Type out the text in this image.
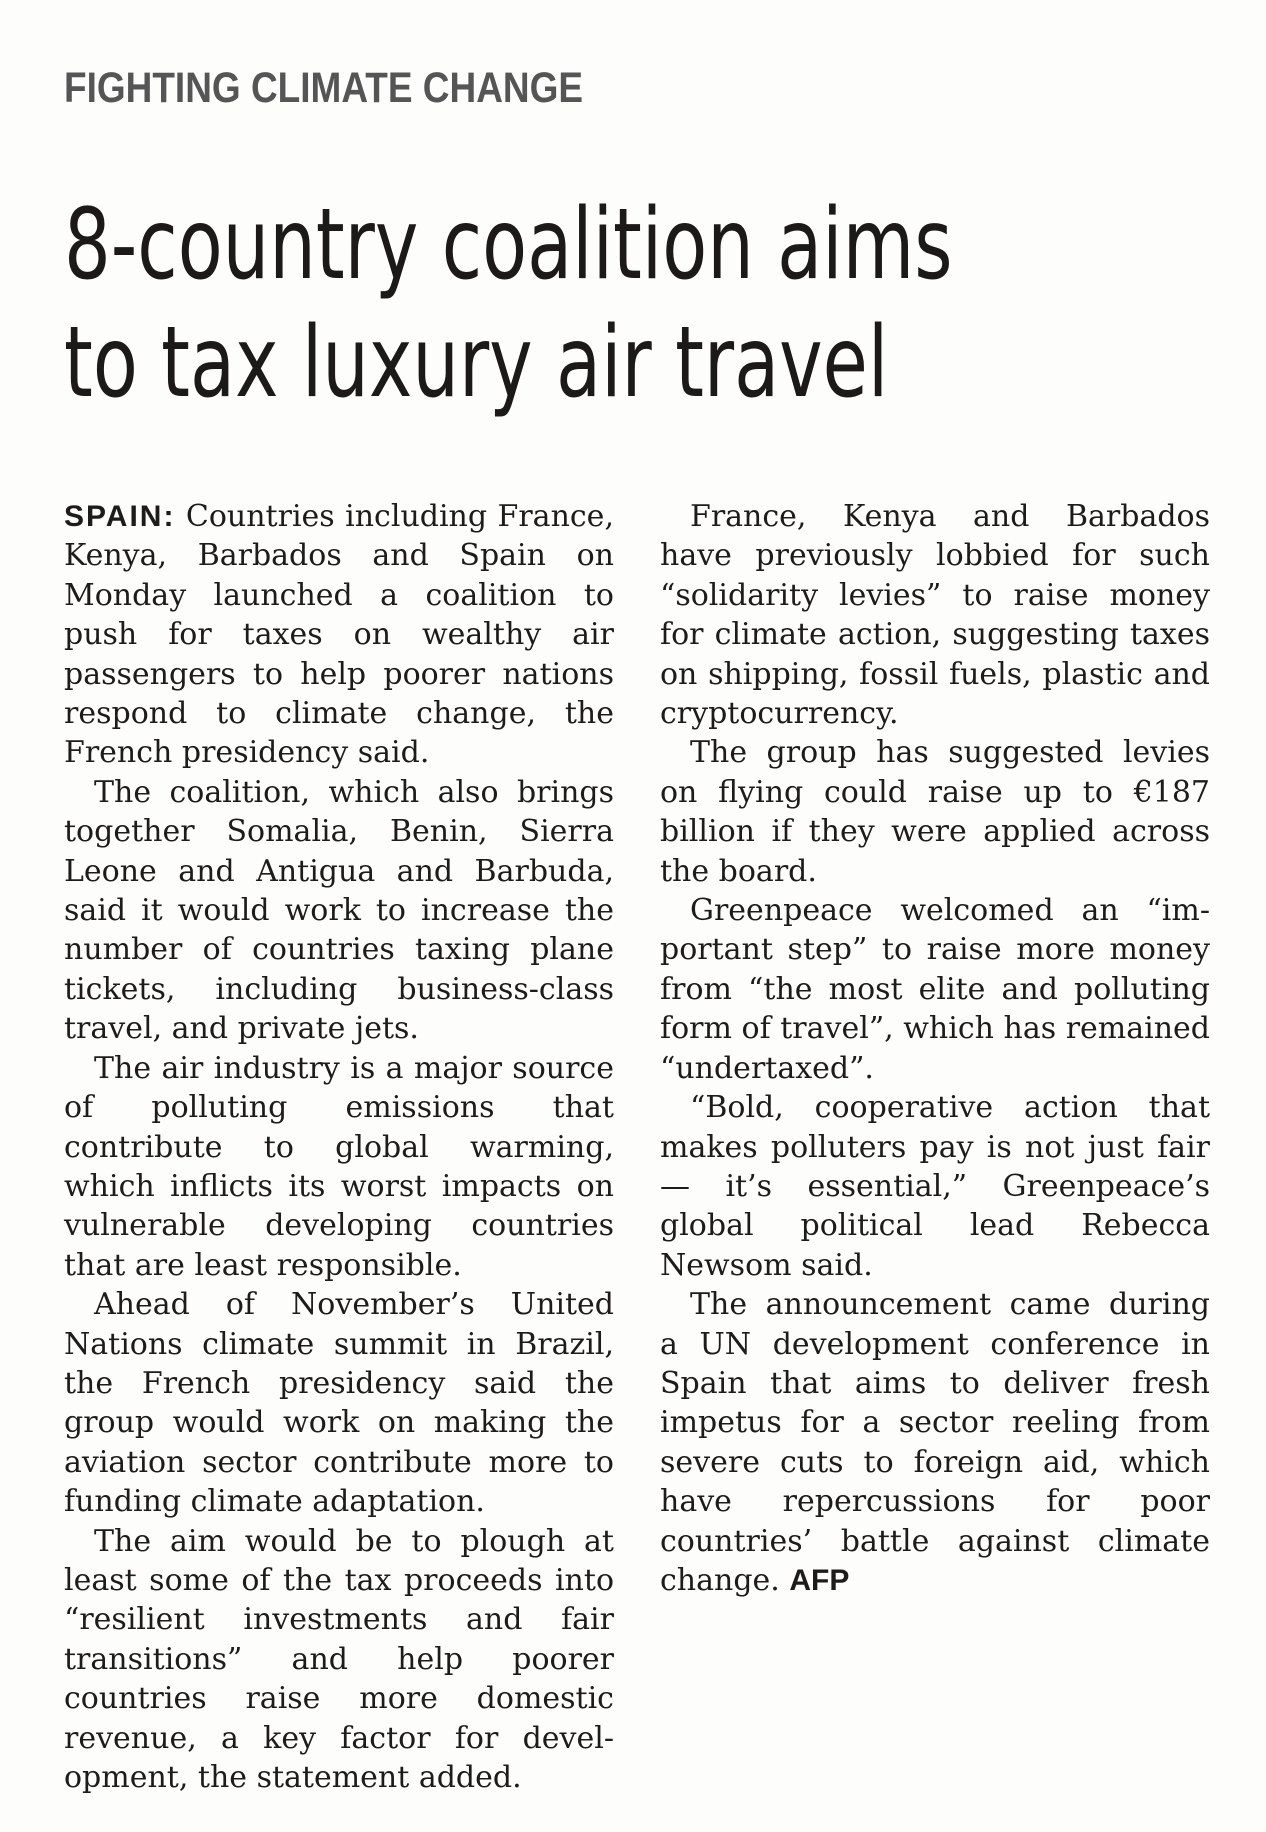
FIGHTING CLIMATE CHANGE
8-country coalition aims
to tax luxury air travel

SPAIN: Countries including France, Kenya, Barbados and Spain on Monday launched a coalition to push for taxes on wealthy air passengers to help poorer nations respond to climate change, the French presidency said.

The coalition, which also brings together Somalia, Benin, Sierra Leone and Antigua and Barbuda, said it would work to increase the number of countries taxing plane tickets, including business-class travel, and private jets.

The air industry is a major source of polluting emissions that contribute to global warming, which inflicts its worst impacts on vulnerable developing countries that are least responsible.

Ahead of November’s United Nations climate summit in Brazil, the French presidency said the group would work on making the aviation sector contribute more to funding climate adaptation.

The aim would be to plough at least some of the tax proceeds into “resilient investments and fair transitions” and help poorer countries raise more domestic revenue, a key factor for development, the statement added.

France, Kenya and Barbados have previously lobbied for such “solidarity levies” to raise money for climate action, suggesting taxes on shipping, fossil fuels, plastic and cryptocurrency.

The group has suggested levies on flying could raise up to €187 billion if they were applied across the board.

Greenpeace welcomed an “important step” to raise more money from “the most elite and polluting form of travel”, which has remained “undertaxed”.

“Bold, cooperative action that makes polluters pay is not just fair — it’s essential,” Greenpeace’s global political lead Rebecca Newsom said.

The announcement came during a UN development conference in Spain that aims to deliver fresh impetus for a sector reeling from severe cuts to foreign aid, which have repercussions for poor countries’ battle against climate change. AFP
